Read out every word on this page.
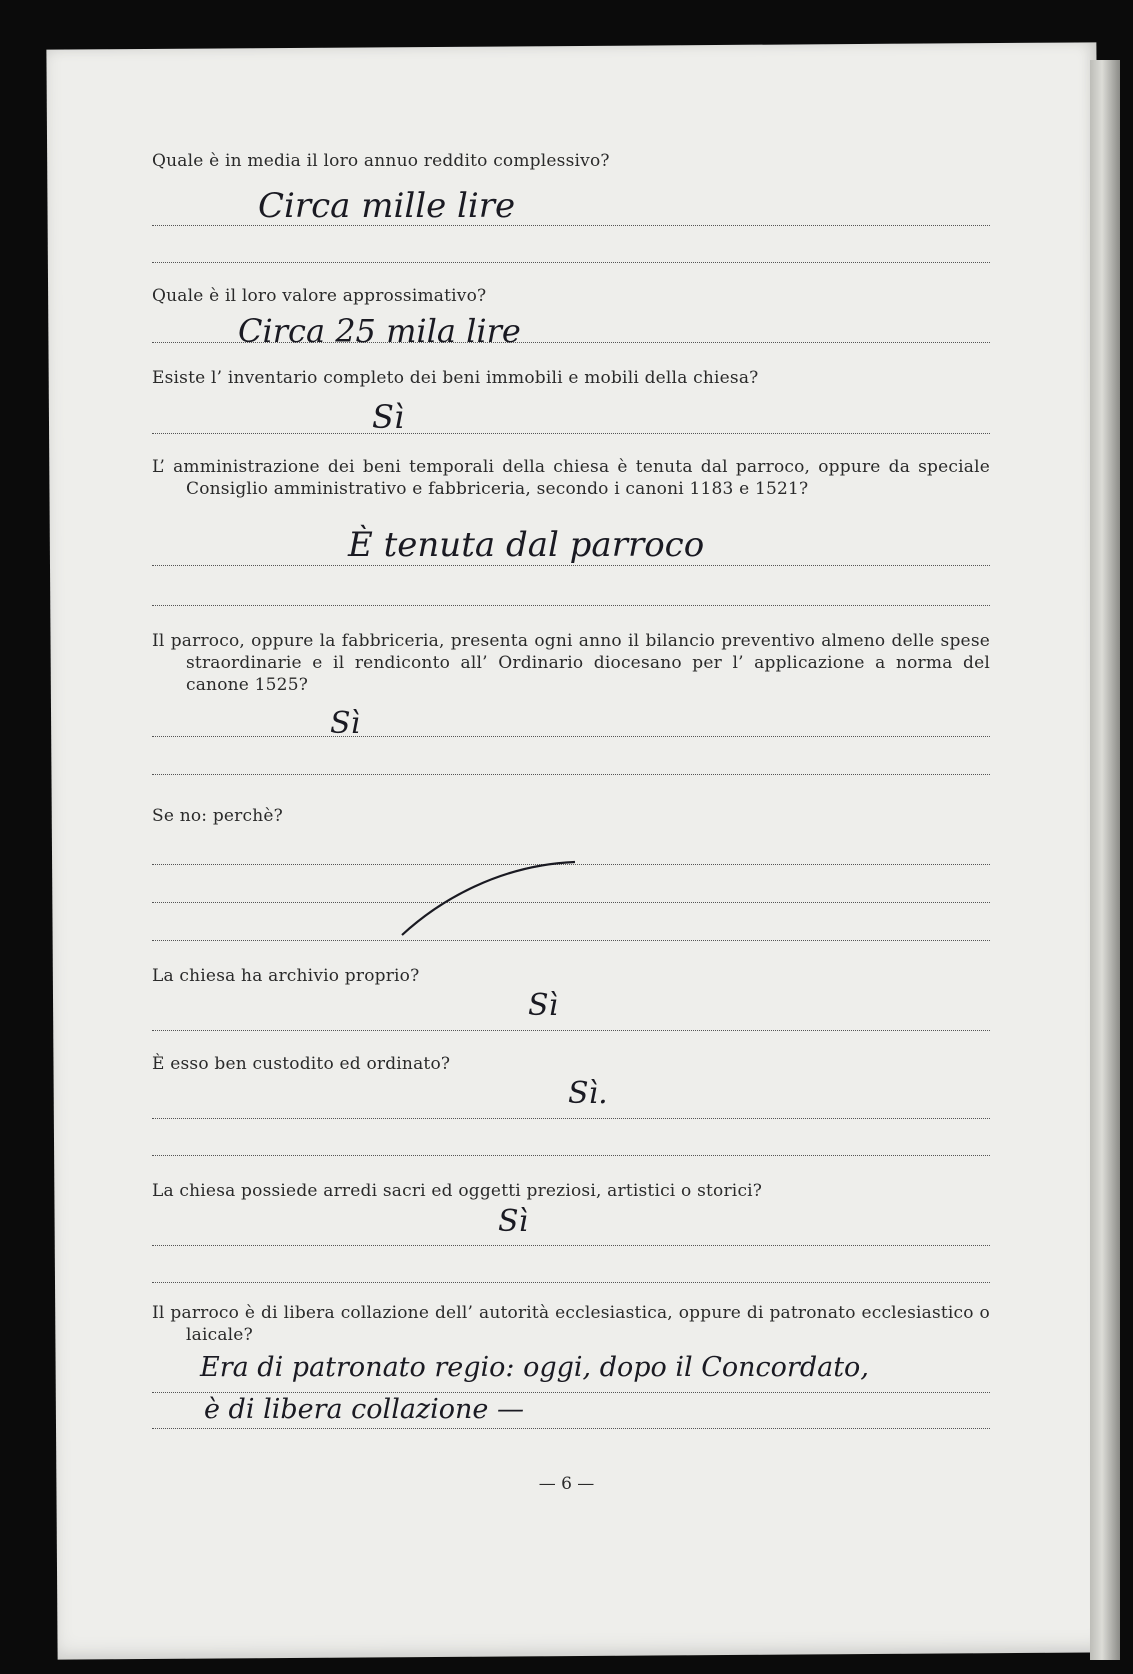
Quale è in media il loro annuo reddito complessivo?
Circa mille lire
Quale è il loro valore approssimativo?
Circa 25 mila lire
Esiste l’ inventario completo dei beni immobili e mobili della chiesa?
Sì
L’ amministrazione dei beni temporali della chiesa è tenuta dal parroco, oppure da speciale Consiglio amministrativo e fabbriceria, secondo i canoni 1183 e 1521?
È tenuta dal parroco
Il parroco, oppure la fabbriceria, presenta ogni anno il bilancio preventivo almeno delle spese straordinarie e il rendiconto all’ Ordinario diocesano per l’ applicazione a norma del canone 1525?
Sì
Se no: perchè?
La chiesa ha archivio proprio?
Sì
È esso ben custodito ed ordinato?
Sì.
La chiesa possiede arredi sacri ed oggetti preziosi, artistici o storici?
Sì
Il parroco è di libera collazione dell’ autorità ecclesiastica, oppure di patronato ecclesiastico o laicale?
Era di patronato regio: oggi, dopo il Concordato,
è di libera collazione —
— 6 —
